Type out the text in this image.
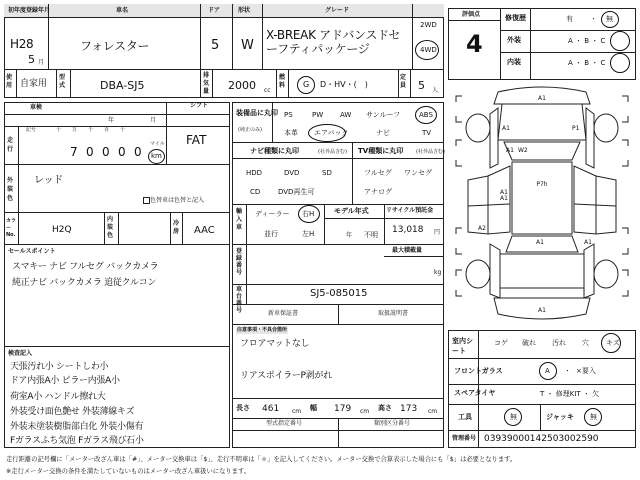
初年度登録年月	車名	ドア	形状	グレード
H28
5 月
フォレスター	5 W
X-BREAK アドバンスドセーフティパッケージ
2WD
4WD
使用 自家用
型式	DBA-SJ5
排気量 2000 cc
燃料 G D・HV・(　)
定員 5 人
車検
年	月
シフト
FAT
走行
記号	十 万 千 百 十
7 0 0 0 0
マイル
km
外装色
レッド
色替車は色替と記入
カラーNo.	H2Q
内装色
冷房 AAC
セールスポイント
スマキー ナビ フルセグ バックカメラ
純正ナビ バックカメラ 追従クルコン
検査記入
天張汚れ小 シートしわ小
ドア内張A小 ピラー内張A小
荷室A小 ハンドル擦れ大
外装受け面色艶せ 外装薄線キズ
外装未塗装樹脂部白化 外装小傷有
Fガラスふち気泡 Fガラス飛び石小
装備品に丸印
(純正のみ)
PS	PW AW サンルーフ	ABS
本革 エアバック	ナビ	TV
ナビ種類に丸印	(社外品含む)
HDD	DVD	SD
CD	DVD再生可
TV種類に丸印	(社外品含む)
フルセグ ワンセグ
アナログ
輸入車
ディーラー
並行
右H
左H
モデル年式
年 不明
リサイクル預託金
13,018 円
登録番号
最大積載量
kg
車台番号
SJ5-085015
新車保証書	取扱説明書
注意事項・不具合箇所
フロアマットなし
リアスポイラーP剥がれ
長さ 461 cm 幅 179 cm 高さ 173 cm
型式指定番号	類別区分番号
評価点
4
修復歴	有 ・ 無
外装	A ・ B ・ C
内装	A ・ B ・ C
A1
A1	P1
A1 W2
P7h
A1
A1
A2
A1	A1
A1
室内シート
コゲ 破れ 汚れ 穴 キズ
フロントガラス	A ・ ×要入
スペアタイヤ	T ・ 修理KIT ・ 欠
工具	無	ジャッキ 無
管理番号 03939000142503002590
走行距離の記号欄に「メーター改ざん車は「#」、メーター交換車は「$」、走行不明車は「＊」を記入してください。メーター交換で合算表示した場合にも「$」は必要となります。
※走行メーター交換の条件を満たしていないものはメーター改ざん車扱いになります。
